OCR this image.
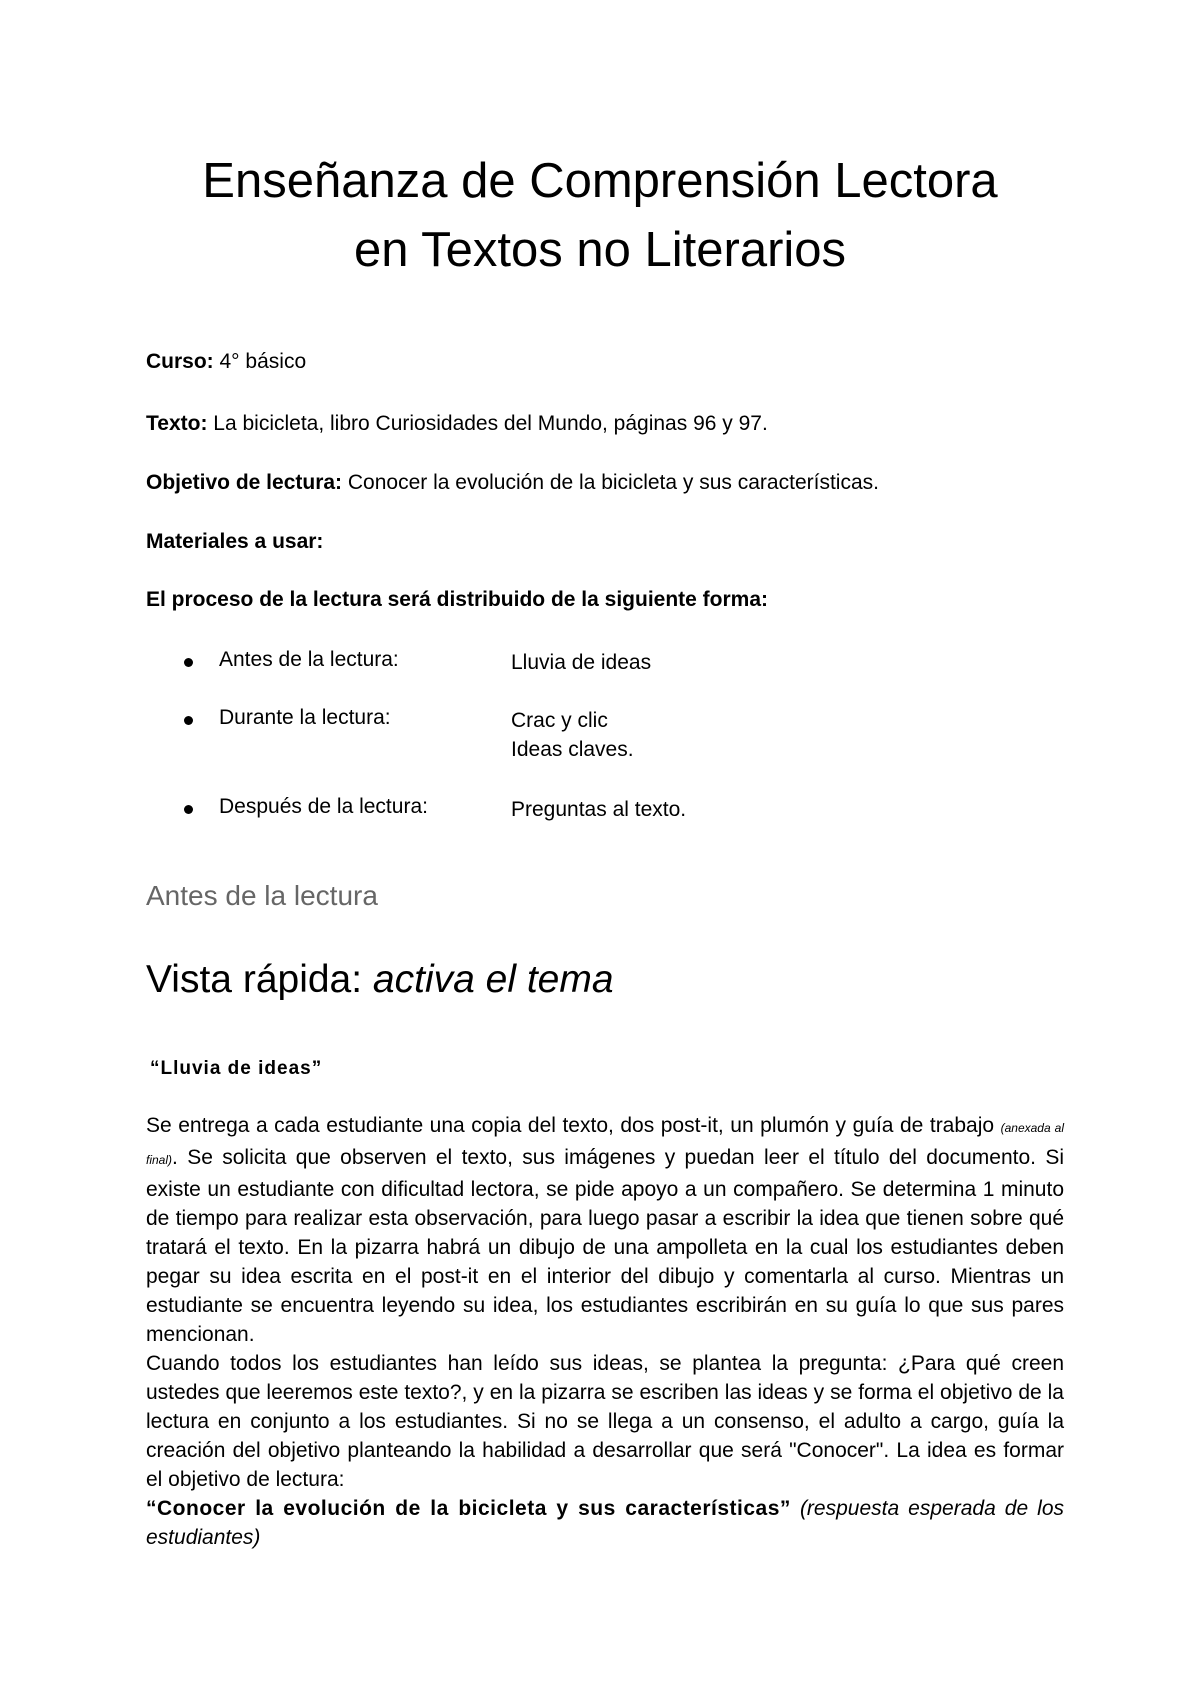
Enseñanza de Comprensión Lectora
en Textos no Literarios

Curso: 4° básico

Texto: La bicicleta, libro Curiosidades del Mundo, páginas 96 y 97.

Objetivo de lectura: Conocer la evolución de la bicicleta y sus características.

Materiales a usar:

El proceso de la lectura será distribuido de la siguiente forma:

Antes de la lectura:	Lluvia de ideas
Durante la lectura:	Crac y clic
Ideas claves.
Después de la lectura:	Preguntas al texto.
Antes de la lectura
Vista rápida: activa el tema

“Lluvia de ideas”

Se entrega a cada estudiante una copia del texto, dos post-it, un plumón y guía de trabajo (anexada al final). Se solicita que observen el texto, sus imágenes y puedan leer el título del documento. Si existe un estudiante con dificultad lectora, se pide apoyo a un compañero. Se determina 1 minuto de tiempo para realizar esta observación, para luego pasar a escribir la idea que tienen sobre qué tratará el texto. En la pizarra habrá un dibujo de una ampolleta en la cual los estudiantes deben pegar su idea escrita en el post-it en el interior del dibujo y comentarla al curso. Mientras un estudiante se encuentra leyendo su idea, los estudiantes escribirán en su guía lo que sus pares mencionan.
Cuando todos los estudiantes han leído sus ideas, se plantea la pregunta: ¿Para qué creen ustedes que leeremos este texto?, y en la pizarra se escriben las ideas y se forma el objetivo de la lectura en conjunto a los estudiantes. Si no se llega a un consenso, el adulto a cargo, guía la creación del objetivo planteando la habilidad a desarrollar que será "Conocer". La idea es formar el objetivo de lectura:
“Conocer la evolución de la bicicleta y sus características” (respuesta esperada de los estudiantes)
